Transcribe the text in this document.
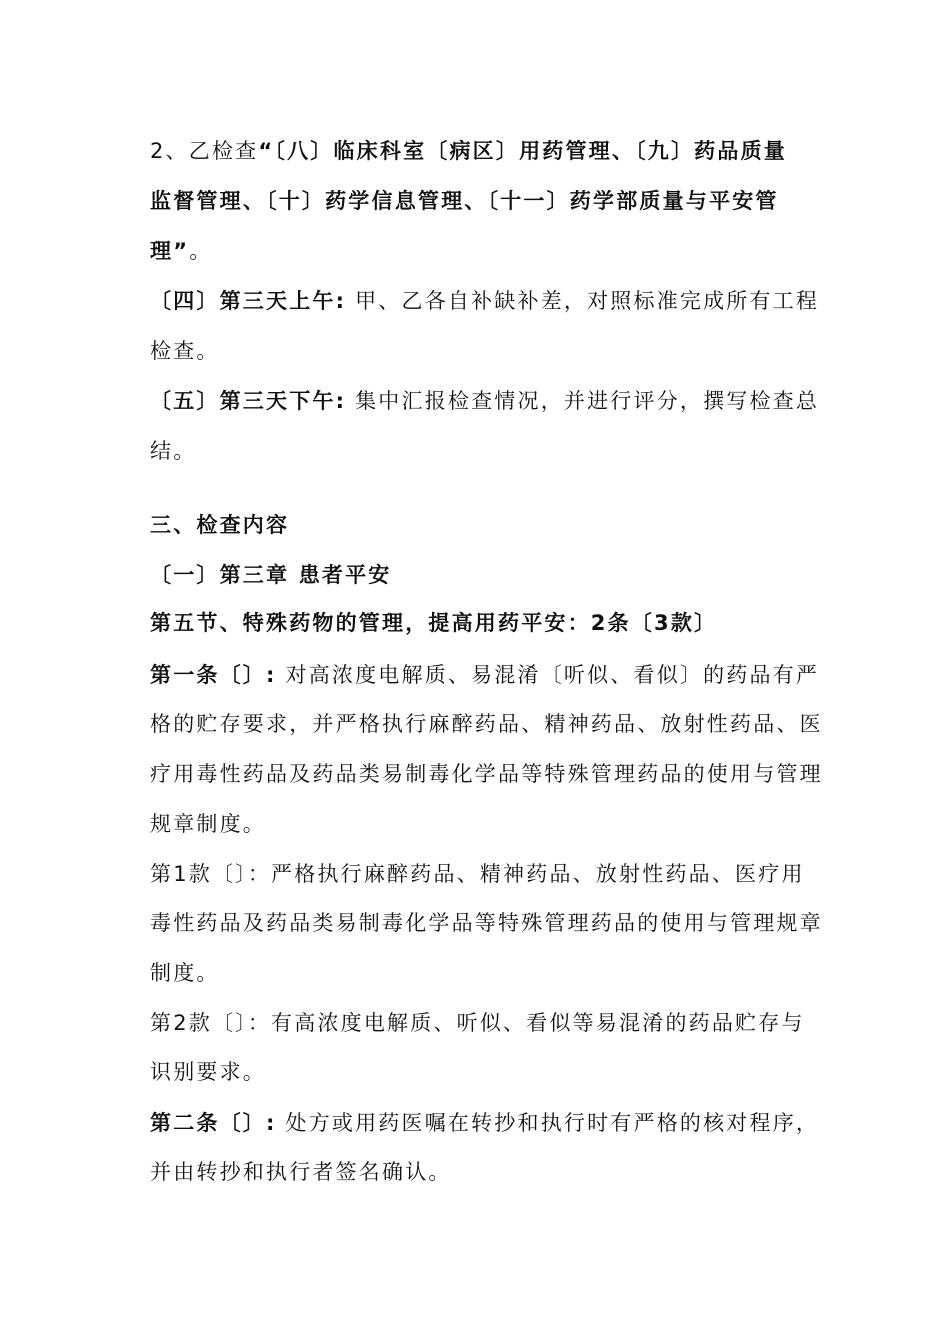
2、乙检查“〔八〕临床科室〔病区〕用药管理、〔九〕药品质量
监督管理、〔十〕药学信息管理、〔十一〕药学部质量与平安管
理”。
〔四〕第三天上午: 甲、乙各自补缺补差，对照标准完成所有工程
检查。
〔五〕第三天下午: 集中汇报检查情况，并进行评分，撰写检查总
结。
三、检查内容
〔一〕第三章 患者平安
第五节、特殊药物的管理，提高用药平安：2条〔3款〕
第一条〔〕: 对高浓度电解质、易混淆〔听似、看似〕的药品有严
格的贮存要求，并严格执行麻醉药品、精神药品、放射性药品、医
疗用毒性药品及药品类易制毒化学品等特殊管理药品的使用与管理
规章制度。
第1款〔〕：严格执行麻醉药品、精神药品、放射性药品、医疗用
毒性药品及药品类易制毒化学品等特殊管理药品的使用与管理规章
制度。
第2款〔〕：有高浓度电解质、听似、看似等易混淆的药品贮存与
识别要求。
第二条〔〕: 处方或用药医嘱在转抄和执行时有严格的核对程序，
并由转抄和执行者签名确认。
